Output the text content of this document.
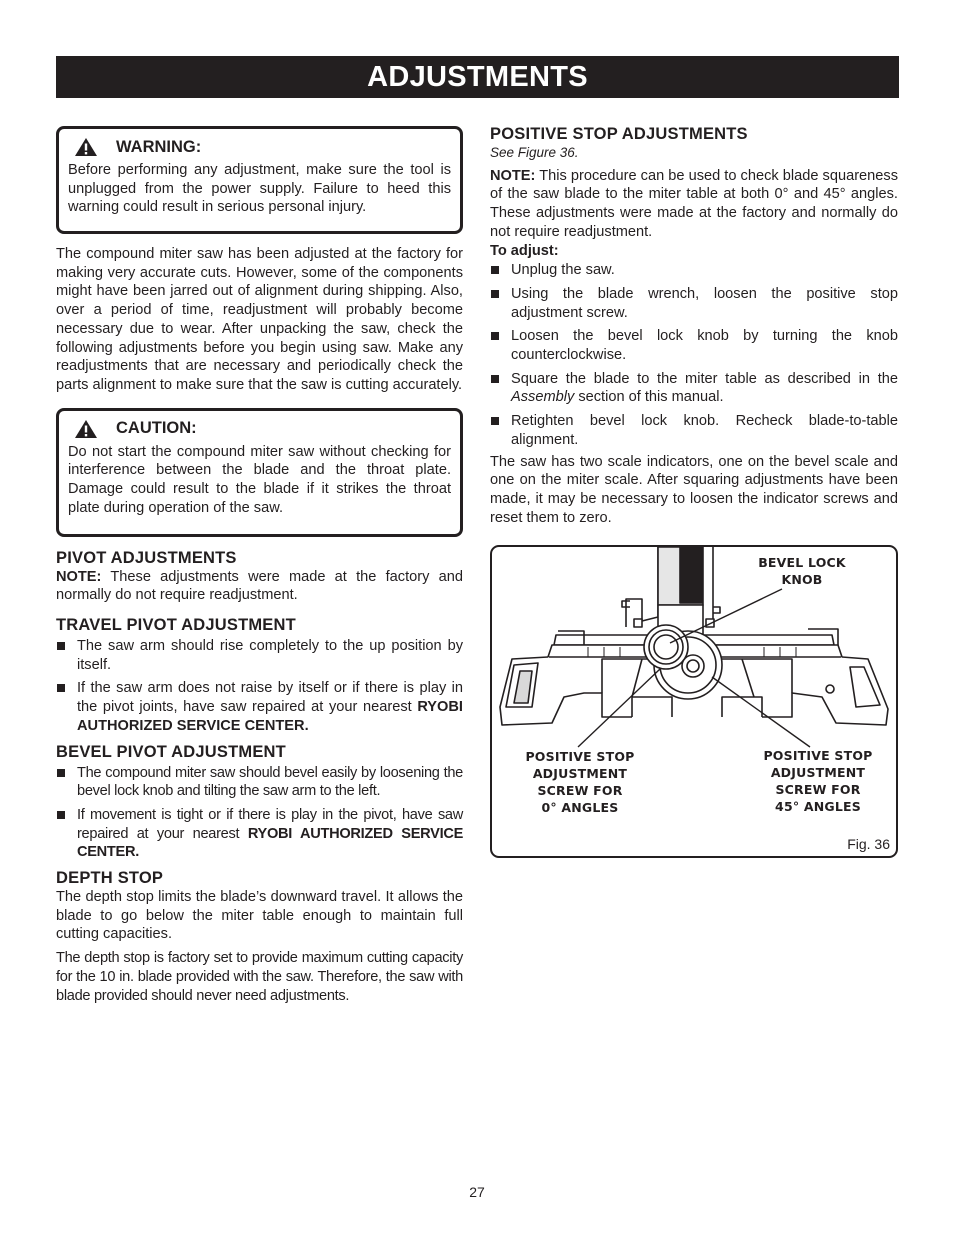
ADJUSTMENTS
WARNING:

Before performing any adjustment, make sure the tool is unplugged from the power supply. Failure to heed this warning could result in serious personal injury.

The compound miter saw has been adjusted at the factory for making very accurate cuts. However, some of the components might have been jarred out of alignment during shipping. Also, over a period of time, readjustment will probably become necessary due to wear. After unpacking the saw, check the following adjustments before you begin using saw. Make any readjustments that are necessary and periodically check the parts alignment to make sure that the saw is cutting accurately.

CAUTION:

Do not start the compound miter saw without checking for interference between the blade and the throat plate. Damage could result to the blade if it strikes the throat plate during operation of the saw.

PIVOT ADJUSTMENTS

NOTE: These adjustments were made at the factory and normally do not require readjustment.

TRAVEL PIVOT ADJUSTMENT
The saw arm should rise completely to the up position by itself.
If the saw arm does not raise by itself or if there is play in the pivot joints, have saw repaired at your nearest RYOBI AUTHORIZED SERVICE CENTER.
BEVEL PIVOT ADJUSTMENT
The compound miter saw should bevel easily by loosening the bevel lock knob and tilting the saw arm to the left.
If movement is tight or if there is play in the pivot, have saw repaired at your nearest RYOBI AUTHORIZED SERVICE CENTER.
DEPTH STOP

The depth stop limits the blade’s downward travel. It allows the blade to go below the miter table enough to maintain full cutting capacities.

The depth stop is factory set to provide maximum cutting capacity for the 10 in. blade provided with the saw. Therefore, the saw with blade provided should never need adjustments.

POSITIVE STOP ADJUSTMENTS

See Figure 36.

NOTE: This procedure can be used to check blade squareness of the saw blade to the miter table at both 0° and 45° angles. These adjustments were made at the factory and normally do not require readjustment.

To adjust:

Unplug the saw.
Using the blade wrench, loosen the positive stop adjustment screw.
Loosen the bevel lock knob by turning the knob counterclockwise.
Square the blade to the miter table as described in the Assembly section of this manual.
Retighten bevel lock knob. Recheck blade-to-table alignment.

The saw has two scale indicators, one on the bevel scale and one on the miter scale. After squaring adjustments have been made, it may be necessary to loosen the indicator screws and reset them to zero.

BEVEL LOCK
KNOB
POSITIVE STOP
ADJUSTMENT
SCREW FOR
0° ANGLES
POSITIVE STOP
ADJUSTMENT
SCREW FOR
45° ANGLES
Fig. 36
27
